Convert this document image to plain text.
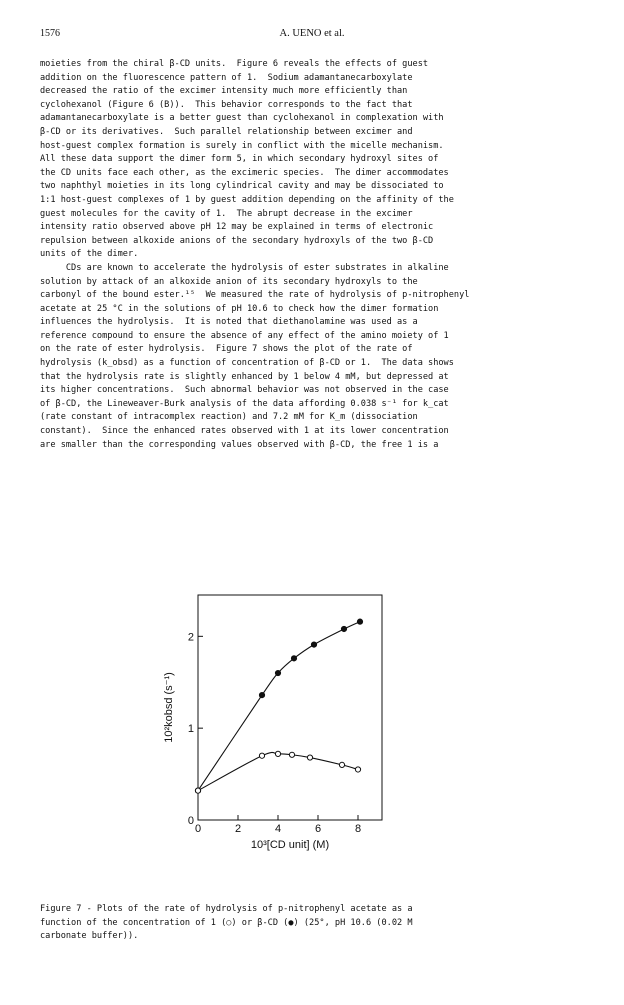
1576	A. UENO et al.
moieties from the chiral β-CD units.  Figure 6 reveals the effects of guest
addition on the fluorescence pattern of 1.  Sodium adamantanecarboxylate
decreased the ratio of the excimer intensity much more efficiently than
cyclohexanol (Figure 6 (B)).  This behavior corresponds to the fact that
adamantanecarboxylate is a better guest than cyclohexanol in complexation with
β-CD or its derivatives.  Such parallel relationship between excimer and
host-guest complex formation is surely in conflict with the micelle mechanism.
All these data support the dimer form 5, in which secondary hydroxyl sites of
the CD units face each other, as the excimeric species.  The dimer accommodates
two naphthyl moieties in its long cylindrical cavity and may be dissociated to
1:1 host-guest complexes of 1 by guest addition depending on the affinity of the
guest molecules for the cavity of 1.  The abrupt decrease in the excimer
intensity ratio observed above pH 12 may be explained in terms of electronic
repulsion between alkoxide anions of the secondary hydroxyls of the two β-CD
units of the dimer.
CDs are known to accelerate the hydrolysis of ester substrates in alkaline
solution by attack of an alkoxide anion of its secondary hydroxyls to the
carbonyl of the bound ester.¹⁵  We measured the rate of hydrolysis of p-nitrophenyl
acetate at 25 °C in the solutions of pH 10.6 to check how the dimer formation
influences the hydrolysis.  It is noted that diethanolamine was used as a
reference compound to ensure the absence of any effect of the amino moiety of 1
on the rate of ester hydrolysis.  Figure 7 shows the plot of the rate of
hydrolysis (k_obsd) as a function of concentration of β-CD or 1.  The data shows
that the hydrolysis rate is slightly enhanced by 1 below 4 mM, but depressed at
its higher concentrations.  Such abnormal behavior was not observed in the case
of β-CD, the Lineweaver-Burk analysis of the data affording 0.038 s⁻¹ for k_cat
(rate constant of intracomplex reaction) and 7.2 mM for K_m (dissociation
constant).  Since the enhanced rates observed with 1 at its lower concentration
are smaller than the corresponding values observed with β-CD, the free 1 is a
0	2	4	6	8
0
1
2
10³[CD unit] (M)
10²kobsd (s⁻¹)
Figure 7 - Plots of the rate of hydrolysis of p-nitrophenyl acetate as a
function of the concentration of 1 (○) or β-CD (●) (25°, pH 10.6 (0.02 M
carbonate buffer)).
